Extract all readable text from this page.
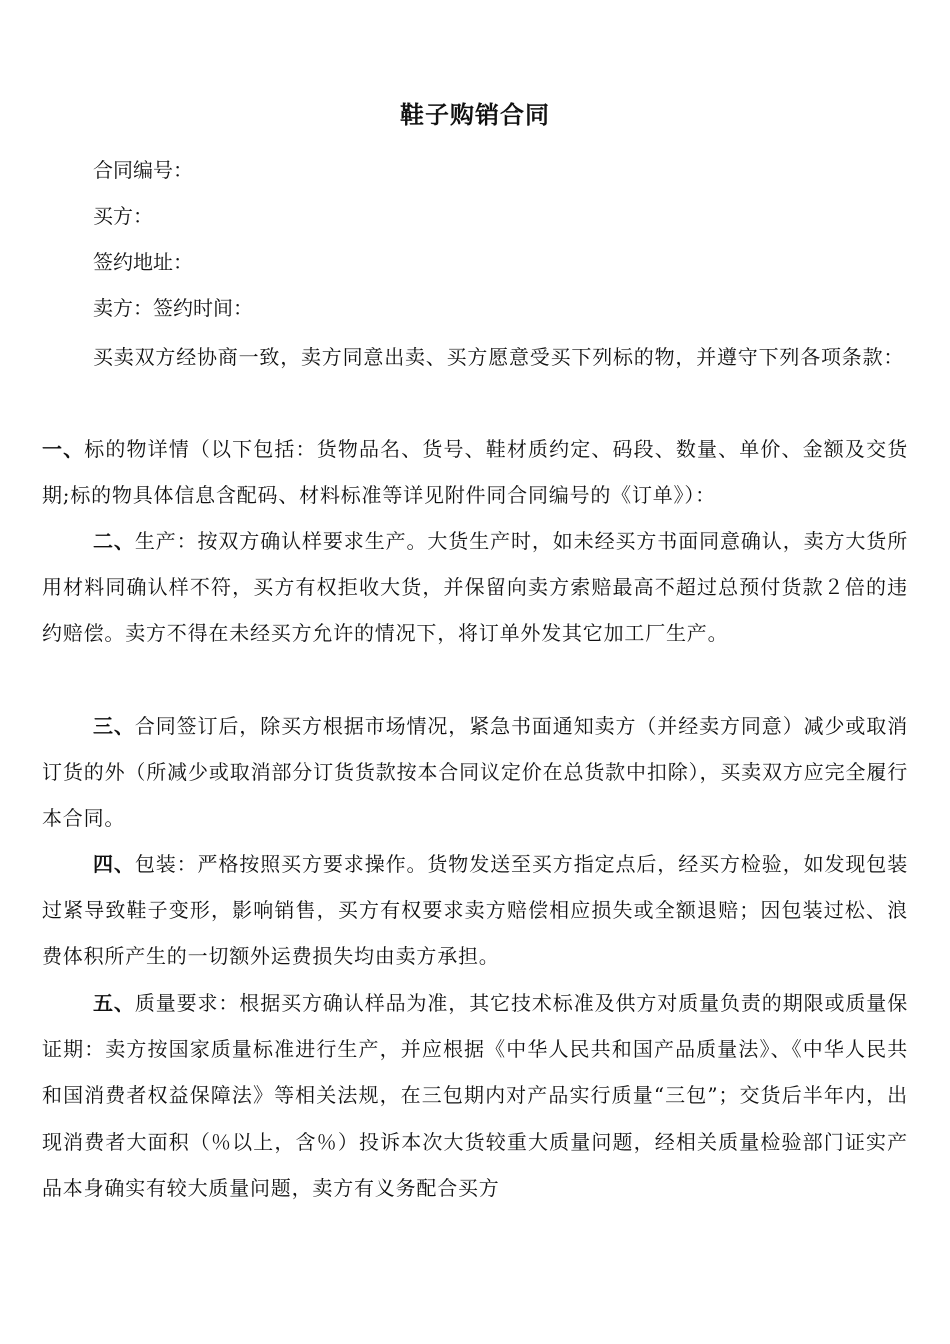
鞋子购销合同
合同编号：
买方：
签约地址：
卖方：签约时间：
买卖双方经协商一致，卖方同意出卖、买方愿意受买下列标的物，并遵守下列各项条款：
一、标的物详情（以下包括：货物品名、货号、鞋材质约定、码段、数量、单价、金额及交货期;标的物具体信息含配码、材料标准等详见附件同合同编号的《订单》）：
二、生产：按双方确认样要求生产。大货生产时，如未经买方书面同意确认，卖方大货所用材料同确认样不符，买方有权拒收大货，并保留向卖方索赔最高不超过总预付货款２倍的违约赔偿。卖方不得在未经买方允许的情况下，将订单外发其它加工厂生产。
三、合同签订后，除买方根据市场情况，紧急书面通知卖方（并经卖方同意）减少或取消订货的外（所减少或取消部分订货货款按本合同议定价在总货款中扣除），买卖双方应完全履行本合同。
四、包装：严格按照买方要求操作。货物发送至买方指定点后，经买方检验，如发现包装过紧导致鞋子变形，影响销售，买方有权要求卖方赔偿相应损失或全额退赔；因包装过松、浪费体积所产生的一切额外运费损失均由卖方承担。
五、质量要求：根据买方确认样品为准，其它技术标准及供方对质量负责的期限或质量保证期：卖方按国家质量标准进行生产，并应根据《中华人民共和国产品质量法》、《中华人民共和国消费者权益保障法》等相关法规，在三包期内对产品实行质量“三包”；交货后半年内，出现消费者大面积（％以上，含％）投诉本次大货较重大质量问题，经相关质量检验部门证实产品本身确实有较大质量问题，卖方有义务配合买方
